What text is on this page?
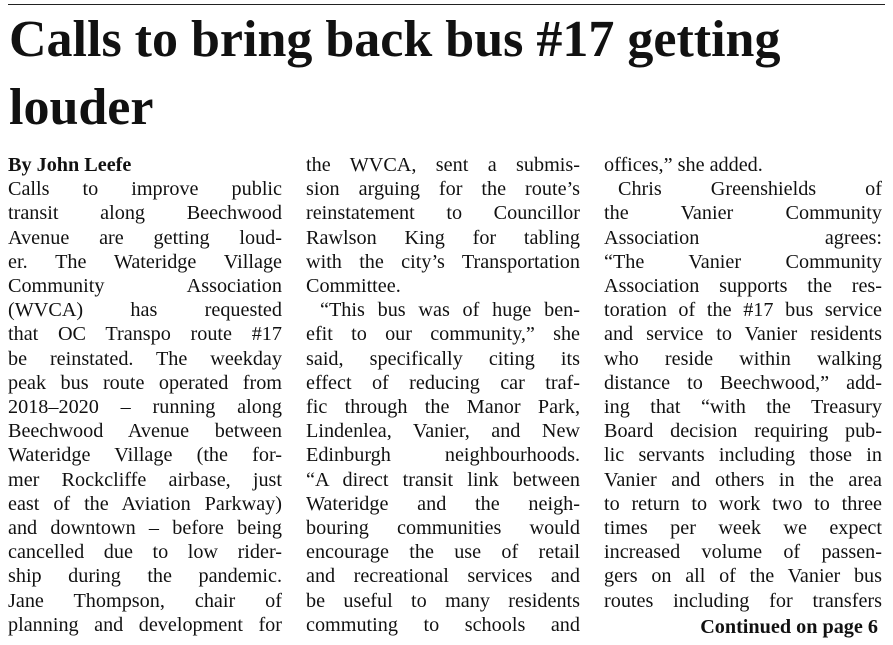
Calls to bring back bus #17 getting louder
By John Leefe
Calls to improve public
transit along Beechwood
Avenue are getting loud-
er. The Wateridge Village
Community Association
(WVCA) has requested
that OC Transpo route #17
be reinstated. The weekday
peak bus route operated from
2018–2020 – running along
Beechwood Avenue between
Wateridge Village (the for-
mer Rockcliffe airbase, just
east of the Aviation Parkway)
and downtown – before being
cancelled due to low rider-
ship during the pandemic.
Jane Thompson, chair of
planning and development for
the WVCA, sent a submis-
sion arguing for the route’s
reinstatement to Councillor
Rawlson King for tabling
with the city’s Transportation
Committee.
“This bus was of huge ben-
efit to our community,” she
said, specifically citing its
effect of reducing car traf-
fic through the Manor Park,
Lindenlea, Vanier, and New
Edinburgh neighbourhoods.
“A direct transit link between
Wateridge and the neigh-
bouring communities would
encourage the use of retail
and recreational services and
be useful to many residents
commuting to schools and
offices,” she added.
Chris Greenshields of
the Vanier Community
Association agrees:
“The Vanier Community
Association supports the res-
toration of the #17 bus service
and service to Vanier residents
who reside within walking
distance to Beechwood,” add-
ing that “with the Treasury
Board decision requiring pub-
lic servants including those in
Vanier and others in the area
to return to work two to three
times per week we expect
increased volume of passen-
gers on all of the Vanier bus
routes including for transfers
Continued on page 6
